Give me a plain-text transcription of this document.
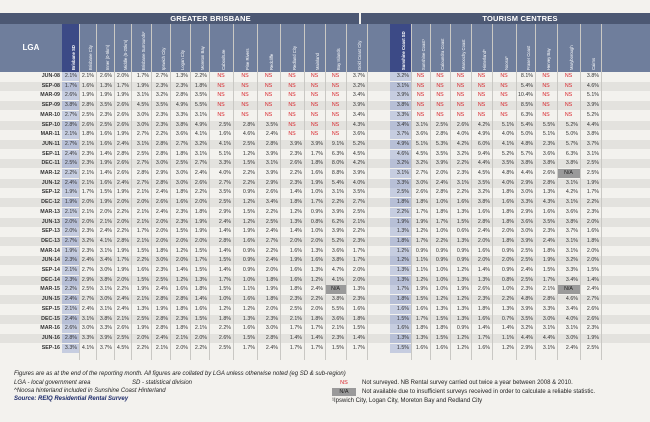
GREATER BRISBANE	TOURISM CENTRES
LGA	Brisbane SD	Brisbane City	Inner (0-5km)	Middle (5-20km)	Brisbane Surrounds²	Ipswich City	Logan City	Moreton Bay	Caboolture	Pine Rivers	Redcliffe	Redland City	Mainland	Bay Islands	Gold Coast City	Sunshine Coast SD	Sunshine Coast¹	Caloundra Coast	Maroochy Coast	Hinterland*	Noosa*	Fraser Coast	Hervey Bay	Maryborough	Cairns
JUN-08 2.1% 2.1%	2.6% 2.0%	1.7%	2.7%	1.3%	2.2%	NS	NS	NS	NS	NS	NS	3.7%	3.2%	NS	NS	NS	NS	NS	8.1%	NS	NS	3.8%
SEP-08 1.7% 1.6%	1.3% 1.7%	1.9%	2.3%	2.3%	1.8%	NS	NS	NS	NS	NS	NS	3.2%	3.1%	NS	NS	NS	NS	NS	5.4%	NS	NS	4.6%
MAR-09 2.6% 1.9%	1.9% 1.9%	3.1%	3.2%	2.8%	3.5%	NS	NS	NS	NS	NS	NS	3.4%	3.9%	NS	NS	NS	NS	NS	10.4%	NS	NS	5.1%
SEP-09 3.8% 2.8%	3.5% 2.6%	4.5%	3.5%	4.9%	5.5%	NS	NS	NS	NS	NS	NS	3.9%	3.8%	NS	NS	NS	NS	NS	8.5%	NS	NS	3.9%
MAR-10 2.7% 2.5%	2.3% 2.6%	3.0%	2.3%	3.3%	3.1%	NS	NS	NS	NS	NS	NS	3.4%	3.3%	NS	NS	NS	NS	NS	6.3%	NS	NS	5.2%
SEP-10 2.8% 2.6%	2.5% 2.6%	3.0%	2.3%	3.8%	4.9%	2.5%	2.8%	3.5%	NS	NS	NS	4.3%	3.4%	3.1%	2.5%	2.6%	4.2%	5.1%	5.4%	5.5%	5.2%	4.4%
MAR-11 2.1% 1.8%	1.6% 1.9%	2.7%	2.2%	3.6%	4.1%	1.6%	4.6%	2.4%	NS	NS	NS	3.6%	3.7%	3.6%	2.8%	4.0%	4.9%	4.0%	5.0%	5.1%	5.0%	3.8%
JUN-11 2.7% 2.1%	1.6% 2.4%	3.1%	2.8%	2.7%	3.2%	4.1%	2.5%	2.8%	3.9%	3.9%	9.1%	5.2%	4.9%	5.1%	5.3%	4.2%	6.0%	4.1%	4.8%	2.3%	5.7%	3.7%
SEP-11 2.4% 2.3%	1.4% 2.8%	2.5%	2.8%	1.8%	3.1%	5.1%	1.2%	3.9%	2.3%	1.7%	6.3%	4.5%	4.6%	4.5%	3.5%	3.2%	9.4%	5.2%	5.7%	3.6%	6.3%	3.1%
DEC-11 2.5% 2.3%	1.9% 2.6%	2.7%	3.0%	2.5%	2.7%	3.3%	1.5%	3.1%	2.6%	1.8%	8.0%	4.2%	3.2%	3.2%	3.9%	2.2%	4.4%	3.5%	3.8%	3.8%	3.8%	2.5%
MAR-12 2.2% 2.1%	1.4% 2.6%	2.8%	2.9%	3.0%	2.4%	4.0%	2.2%	3.9%	2.2%	1.6%	8.8%	3.9%	3.1%	2.7%	2.0%	2.3%	4.5%	4.8%	4.4%	2.6%	N/A	2.5%
JUN-12 2.4% 2.1%	1.6% 2.4%	2.7%	2.8%	3.0%	2.6%	2.7%	2.2%	2.9%	2.3%	1.9%	5.4%	4.0%	3.3%	3.0%	2.4%	3.1%	3.5%	4.0%	2.9%	2.8%	3.1%	1.9%
SEP-12 1.9% 1.7%	1.5% 1.9%	2.1%	2.4%	1.8%	2.2%	3.5%	0.9%	2.6%	1.4%	1.0%	3.1%	3.5%	2.5%	2.6%	2.8%	2.2%	3.2%	1.8%	3.0%	1.3%	4.2%	1.7%
DEC-12 1.9% 2.0%	1.9% 2.0%	2.0%	2.6%	1.6%	2.0%	2.5%	1.2%	3.4%	1.8%	1.7%	2.2%	2.7%	1.8%	1.8%	1.0%	1.6%	3.8%	1.6%	3.3%	4.3%	3.1%	2.2%
MAR-13 2.1% 2.1%	2.0% 2.2%	2.1%	2.4%	2.3%	1.8%	2.9%	1.5%	2.2%	1.2%	0.9%	3.9%	2.5%	2.2%	1.7%	1.8%	1.3%	1.6%	1.8%	2.9%	1.6%	3.6%	2.3%
JUN-13 2.0% 2.0%	2.1% 2.0%	2.1%	2.0%	2.3%	1.9%	2.4%	1.2%	2.5%	1.3%	0.8%	6.2%	2.1%	1.9%	1.9%	1.7%	1.5%	2.8%	1.8%	3.6%	3.5%	3.8%	2.0%
SEP-13 2.0% 2.3%	2.4% 2.2%	1.7%	2.0%	1.5%	1.9%	1.4%	1.9%	2.4%	1.4%	1.0%	3.9%	2.2%	1.3%	1.2%	1.0%	0.6%	2.4%	2.0%	3.0%	2.3%	3.7%	1.6%
DEC-13 2.7% 3.2%	4.1% 2.8%	2.1%	2.0%	2.0%	2.0%	2.8%	1.6%	2.7%	2.0%	2.0%	5.2%	2.3%	1.8%	1.7%	2.2%	1.3%	2.0%	1.8%	3.9%	2.4%	3.1%	1.8%
MAR-14 1.9% 2.3%	3.1% 1.9%	1.5%	1.8%	1.2%	1.5%	1.4%	0.9%	2.2%	1.6%	1.3%	3.6%	1.7%	1.2%	0.9%	0.9%	0.9%	1.6%	0.9%	2.5%	1.8%	3.1%	2.0%
JUN-14 2.3% 2.4%	3.4% 1.7%	2.2%	3.0%	2.0%	1.7%	1.5%	0.9%	2.4%	1.9%	1.6%	3.8%	1.7%	1.2%	1.1%	0.9%	0.9%	2.0%	2.0%	2.5%	1.9%	3.2%	2.0%
SEP-14 2.1% 2.7%	3.0% 1.9%	1.6%	2.3%	1.4%	1.5%	1.4%	0.9%	2.0%	1.6%	1.3%	4.7%	2.0%	1.3%	1.1%	1.0%	1.2%	1.4%	0.9%	2.4%	1.5%	3.3%	1.5%
DEC-14 2.3% 2.9%	3.8% 2.0%	1.5%	2.5%	1.2%	1.3%	1.7%	1.0%	1.8%	1.6%	1.2%	4.1%	2.0%	1.3%	1.2%	1.0%	1.3%	1.3%	0.8%	2.5%	1.7%	3.4%	1.4%
MAR-15 2.2% 2.5%	3.1% 2.2%	1.9%	2.4%	1.6%	1.8%	1.5%	1.1%	1.9%	1.8%	2.4%	N/A	1.3%	1.7%	1.9%	1.0%	1.9%	2.6%	1.0%	2.3%	2.1%	N/A	2.4%
JUN-15 2.4% 2.7%	3.0% 2.4%	2.1%	2.8%	2.8%	1.4%	1.0%	1.6%	1.8%	2.3%	2.2%	3.8%	2.3%	1.8%	1.5%	1.2%	1.2%	2.3%	2.2%	4.8%	2.8%	4.6%	2.7%
SEP-15 2.1% 2.4%	3.1% 2.4%	1.3%	1.9%	1.8%	1.6%	1.2%	1.2%	2.0%	2.5%	2.0%	5.5%	1.6%	1.6%	1.6%	1.3%	1.3%	1.8%	1.3%	3.9%	3.3%	3.4%	2.6%
DEC-15 2.4% 3.1%	3.8% 2.1%	2.5%	2.8%	2.3%	1.5%	1.8%	1.3%	2.3%	2.1%	1.8%	3.6%	1.8%	1.5%	1.7%	1.5%	1.3%	1.6%	0.7%	3.5%	3.0%	4.0%	2.6%
MAR-16 2.6% 3.0%	3.3% 2.6%	1.9%	2.8%	1.8%	2.1%	2.2%	1.6%	3.0%	1.7%	1.7%	2.1%	1.5%	1.6%	1.8%	1.8%	0.9%	1.4%	1.4%	3.2%	3.1%	3.1%	2.3%
JUN-16 2.8% 3.3%	3.9% 2.5%	2.0%	2.4%	2.1%	2.0%	2.6%	1.5%	2.8%	1.4%	1.4%	2.3%	1.4%	1.3%	1.3%	1.5%	1.2%	1.7%	1.1%	4.4%	4.4%	3.0%	1.9%
SEP-16 3.3% 4.1%	3.7% 4.5%	2.2%	2.1%	2.0%	2.2%	2.5%	1.7%	2.4%	1.7%	1.7%	1.5%	1.7%	1.5%	1.6%	1.6%	1.2%	1.6%	1.2%	2.9%	3.1%	2.4%	2.5%
Figures are as at the end of the reporting month. All figures are collated by LGA unless otherwise noted (eg SD & sub-region)
LGA - local government area	SD - statistical division
^Noosa hinterland included in Sunshine Coast Hinterland
Source: REIQ Residential Rental Survey
NS	Not surveyed. NB Rental survey carried out twice a year between 2008 & 2010.
N/A	Not available due to insufficient surveys received in order to calculate a reliable statistic.
¹Ipswich City, Logan City, Moreton Bay and Redland City
